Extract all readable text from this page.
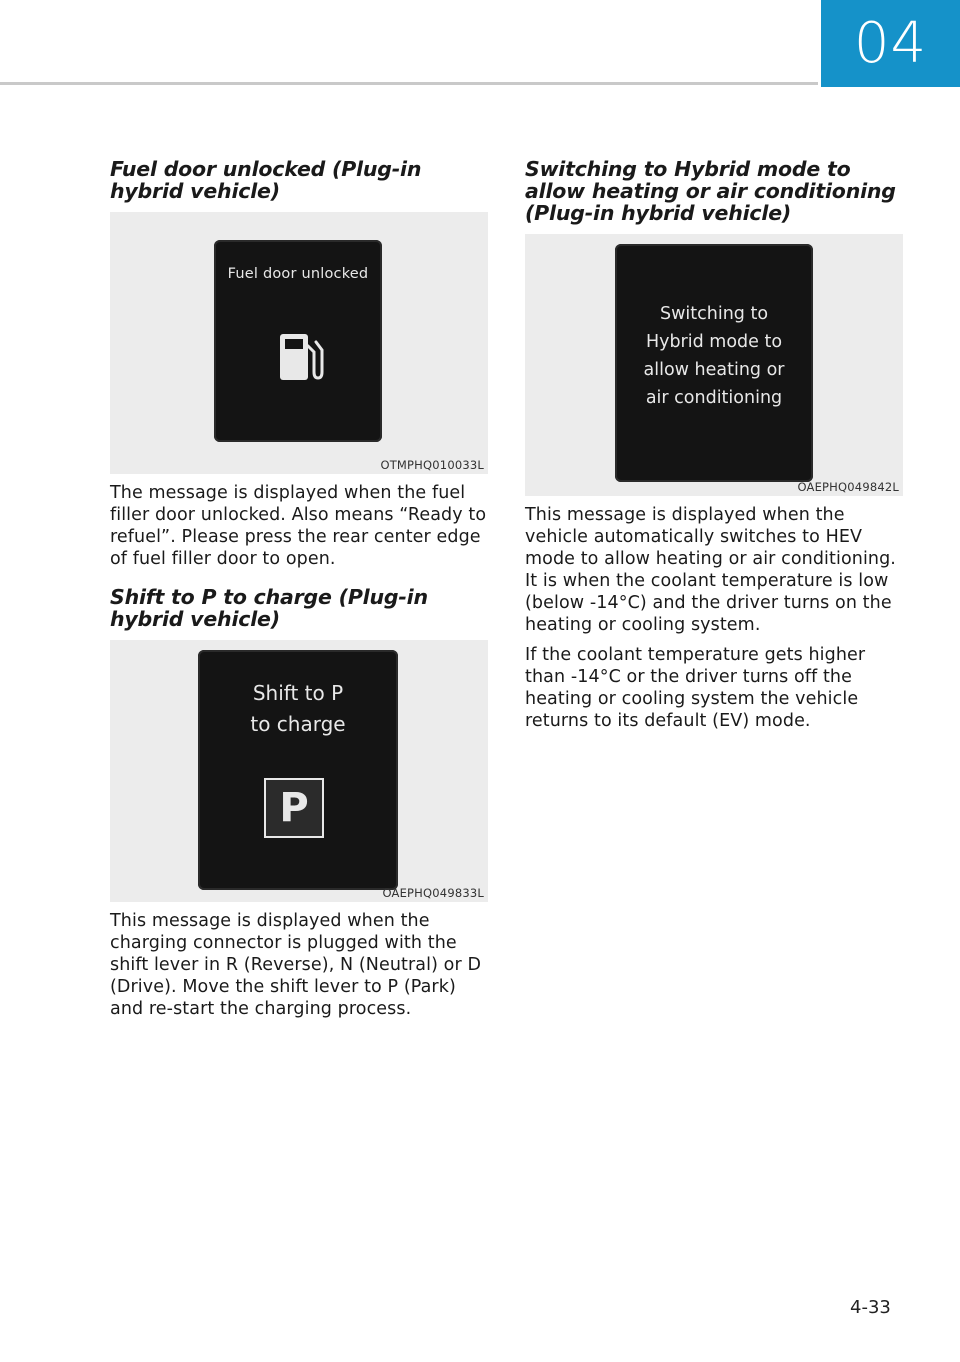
04
Fuel door unlocked (Plug-in hybrid vehicle)
Fuel door unlocked
OTMPHQ010033L

The message is displayed when the fuel filler door unlocked. Also means “Ready to refuel”. Please press the rear center edge of fuel filler door to open.

Shift to P to charge (Plug-in hybrid vehicle)
Shift to P
to charge
P
OAEPHQ049833L

This message is displayed when the charging connector is plugged with the shift lever in R (Reverse), N (Neutral) or D (Drive). Move the shift lever to P (Park) and re-start the charging process.

Switching to Hybrid mode to allow heating or air conditioning (Plug-in hybrid vehicle)
Switching to
Hybrid mode to
allow heating or
air conditioning
OAEPHQ049842L

This message is displayed when the vehicle automatically switches to HEV mode to allow heating or air conditioning. It is when the coolant temperature is low (below -14°C) and the driver turns on the heating or cooling system.

If the coolant temperature gets higher than -14°C or the driver turns off the heating or cooling system the vehicle returns to its default (EV) mode.

4-33
